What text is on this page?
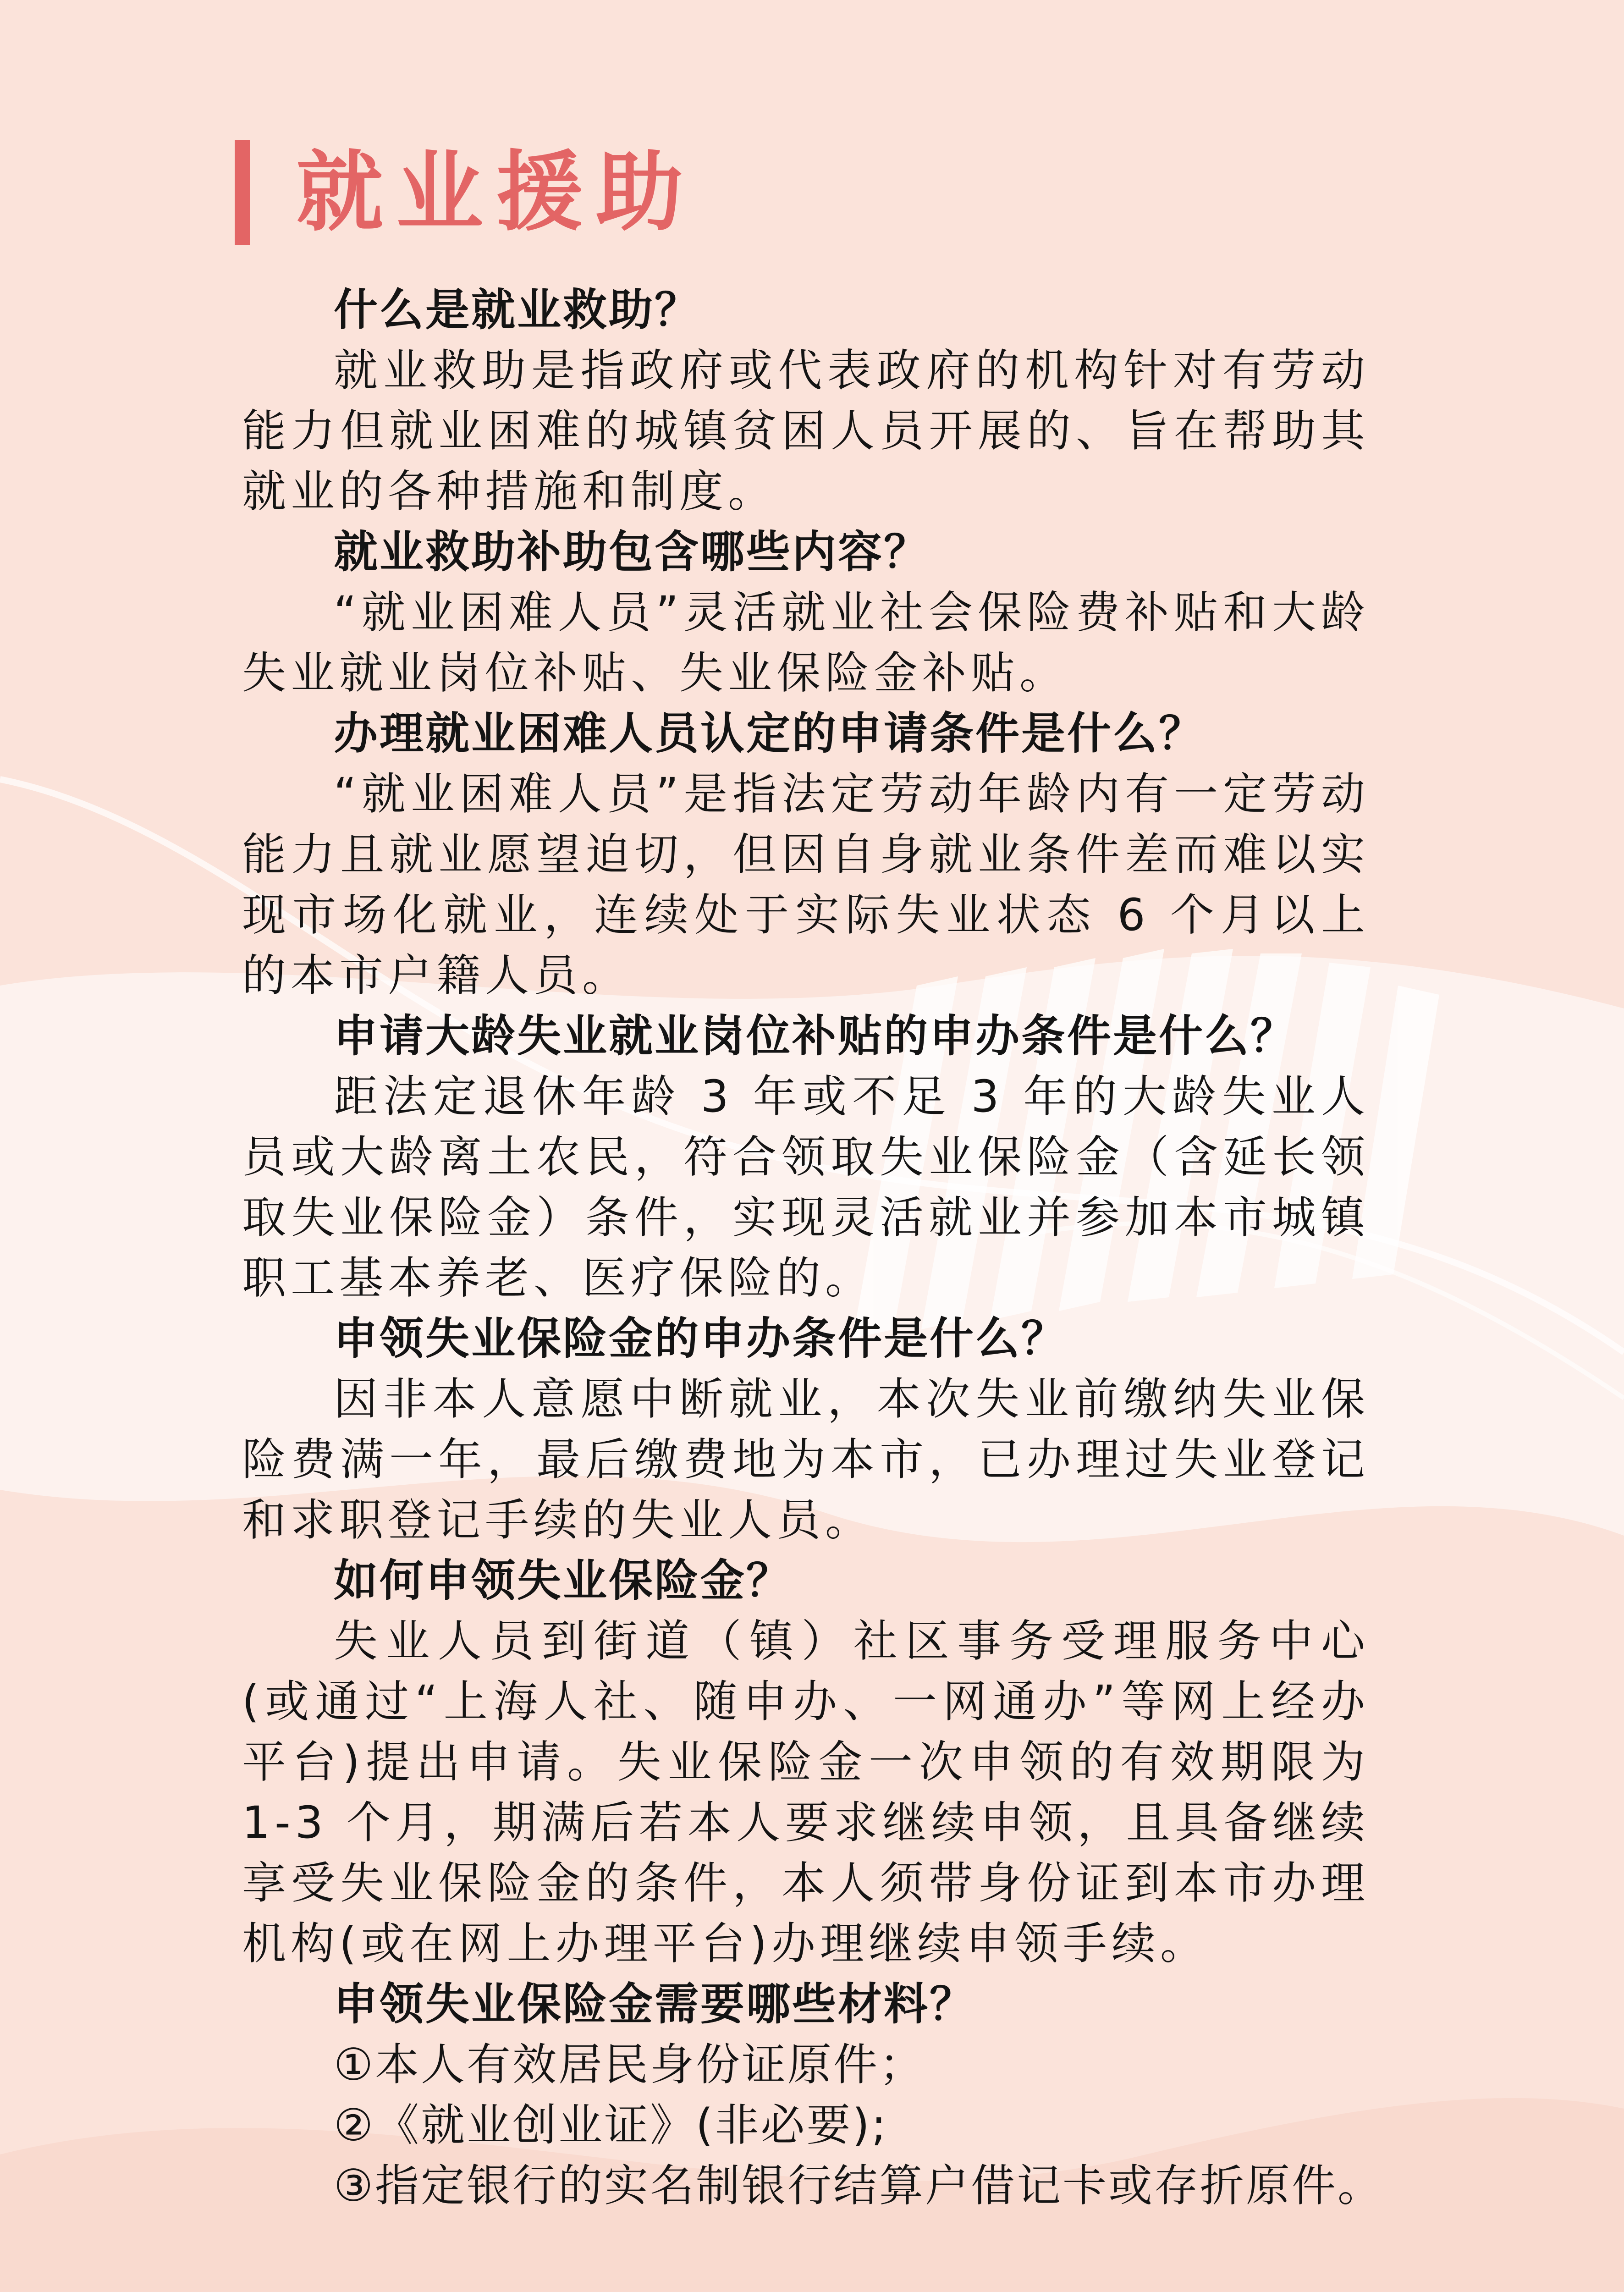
就业援助
什么是就业救助？
就业救助是指政府或代表政府的机构针对有劳动能力但就业困难的城镇贫困人员开展的、旨在帮助其就业的各种措施和制度。
就业救助补助包含哪些内容？
“就业困难人员”灵活就业社会保险费补贴和大龄失业就业岗位补贴、失业保险金补贴。
办理就业困难人员认定的申请条件是什么？
“就业困难人员”是指法定劳动年龄内有一定劳动能力且就业愿望迫切，但因自身就业条件差而难以实现市场化就业，连续处于实际失业状态 6 个月以上的本市户籍人员。
申请大龄失业就业岗位补贴的申办条件是什么？
距法定退休年龄 3 年或不足 3 年的大龄失业人员或大龄离土农民，符合领取失业保险金（含延长领取失业保险金）条件，实现灵活就业并参加本市城镇职工基本养老、医疗保险的。
申领失业保险金的申办条件是什么？
因非本人意愿中断就业，本次失业前缴纳失业保险费满一年，最后缴费地为本市，已办理过失业登记和求职登记手续的失业人员。
如何申领失业保险金？
失业人员到街道（镇）社区事务受理服务中心(或通过“上海人社、随申办、一网通办”等网上经办平台)提出申请。失业保险金一次申领的有效期限为 1-3 个月，期满后若本人要求继续申领，且具备继续享受失业保险金的条件，本人须带身份证到本市办理机构(或在网上办理平台)办理继续申领手续。
申领失业保险金需要哪些材料？
①本人有效居民身份证原件；
②《就业创业证》(非必要);
③指定银行的实名制银行结算户借记卡或存折原件。
